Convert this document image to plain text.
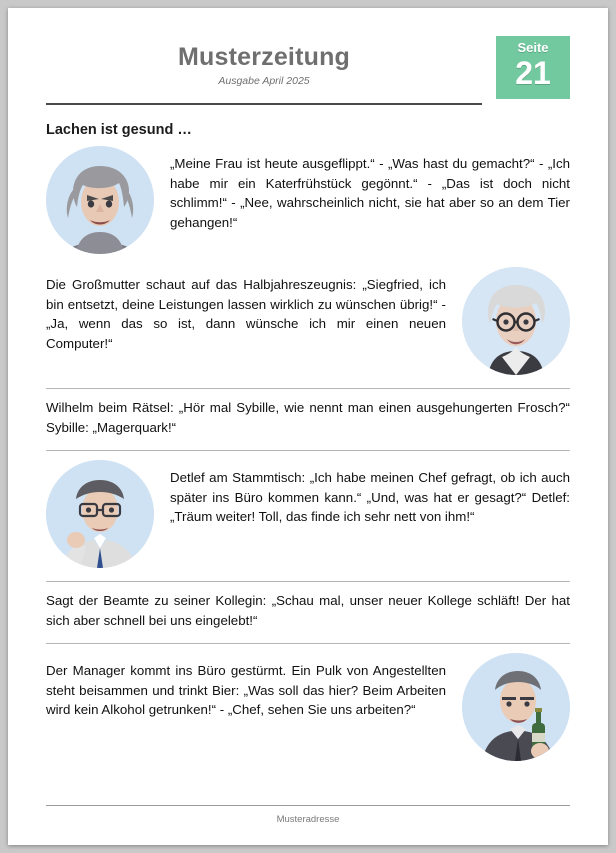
Musterzeitung
Ausgabe April 2025
Seite
21
Lachen ist gesund …
„Meine Frau ist heute ausgeflippt.“ - „Was hast du gemacht?“ - „Ich habe mir ein Katerfrühstück gegönnt.“ - „Das ist doch nicht schlimm!“ - „Nee, wahrscheinlich nicht, sie hat aber so an dem Tier gehangen!“
Die Großmutter schaut auf das Halbjahreszeugnis: „Siegfried, ich bin entsetzt, deine Leistungen lassen wirklich zu wünschen übrig!“ - „Ja, wenn das so ist, dann wünsche ich mir einen neuen Computer!“
Wilhelm beim Rätsel: „Hör mal Sybille, wie nennt man einen ausgehungerten Frosch?“ Sybille: „Magerquark!“
Detlef am Stammtisch: „Ich habe meinen Chef gefragt, ob ich auch später ins Büro kommen kann.“ „Und, was hat er gesagt?“ Detlef: „Träum weiter! Toll, das finde ich sehr nett von ihm!“
Sagt der Beamte zu seiner Kollegin: „Schau mal, unser neuer Kollege schläft! Der hat sich aber schnell bei uns eingelebt!“
Der Manager kommt ins Büro gestürmt. Ein Pulk von Angestellten steht beisammen und trinkt Bier: „Was soll das hier? Beim Arbeiten wird kein Alkohol getrunken!“ - „Chef, sehen Sie uns arbeiten?“
Musteradresse
